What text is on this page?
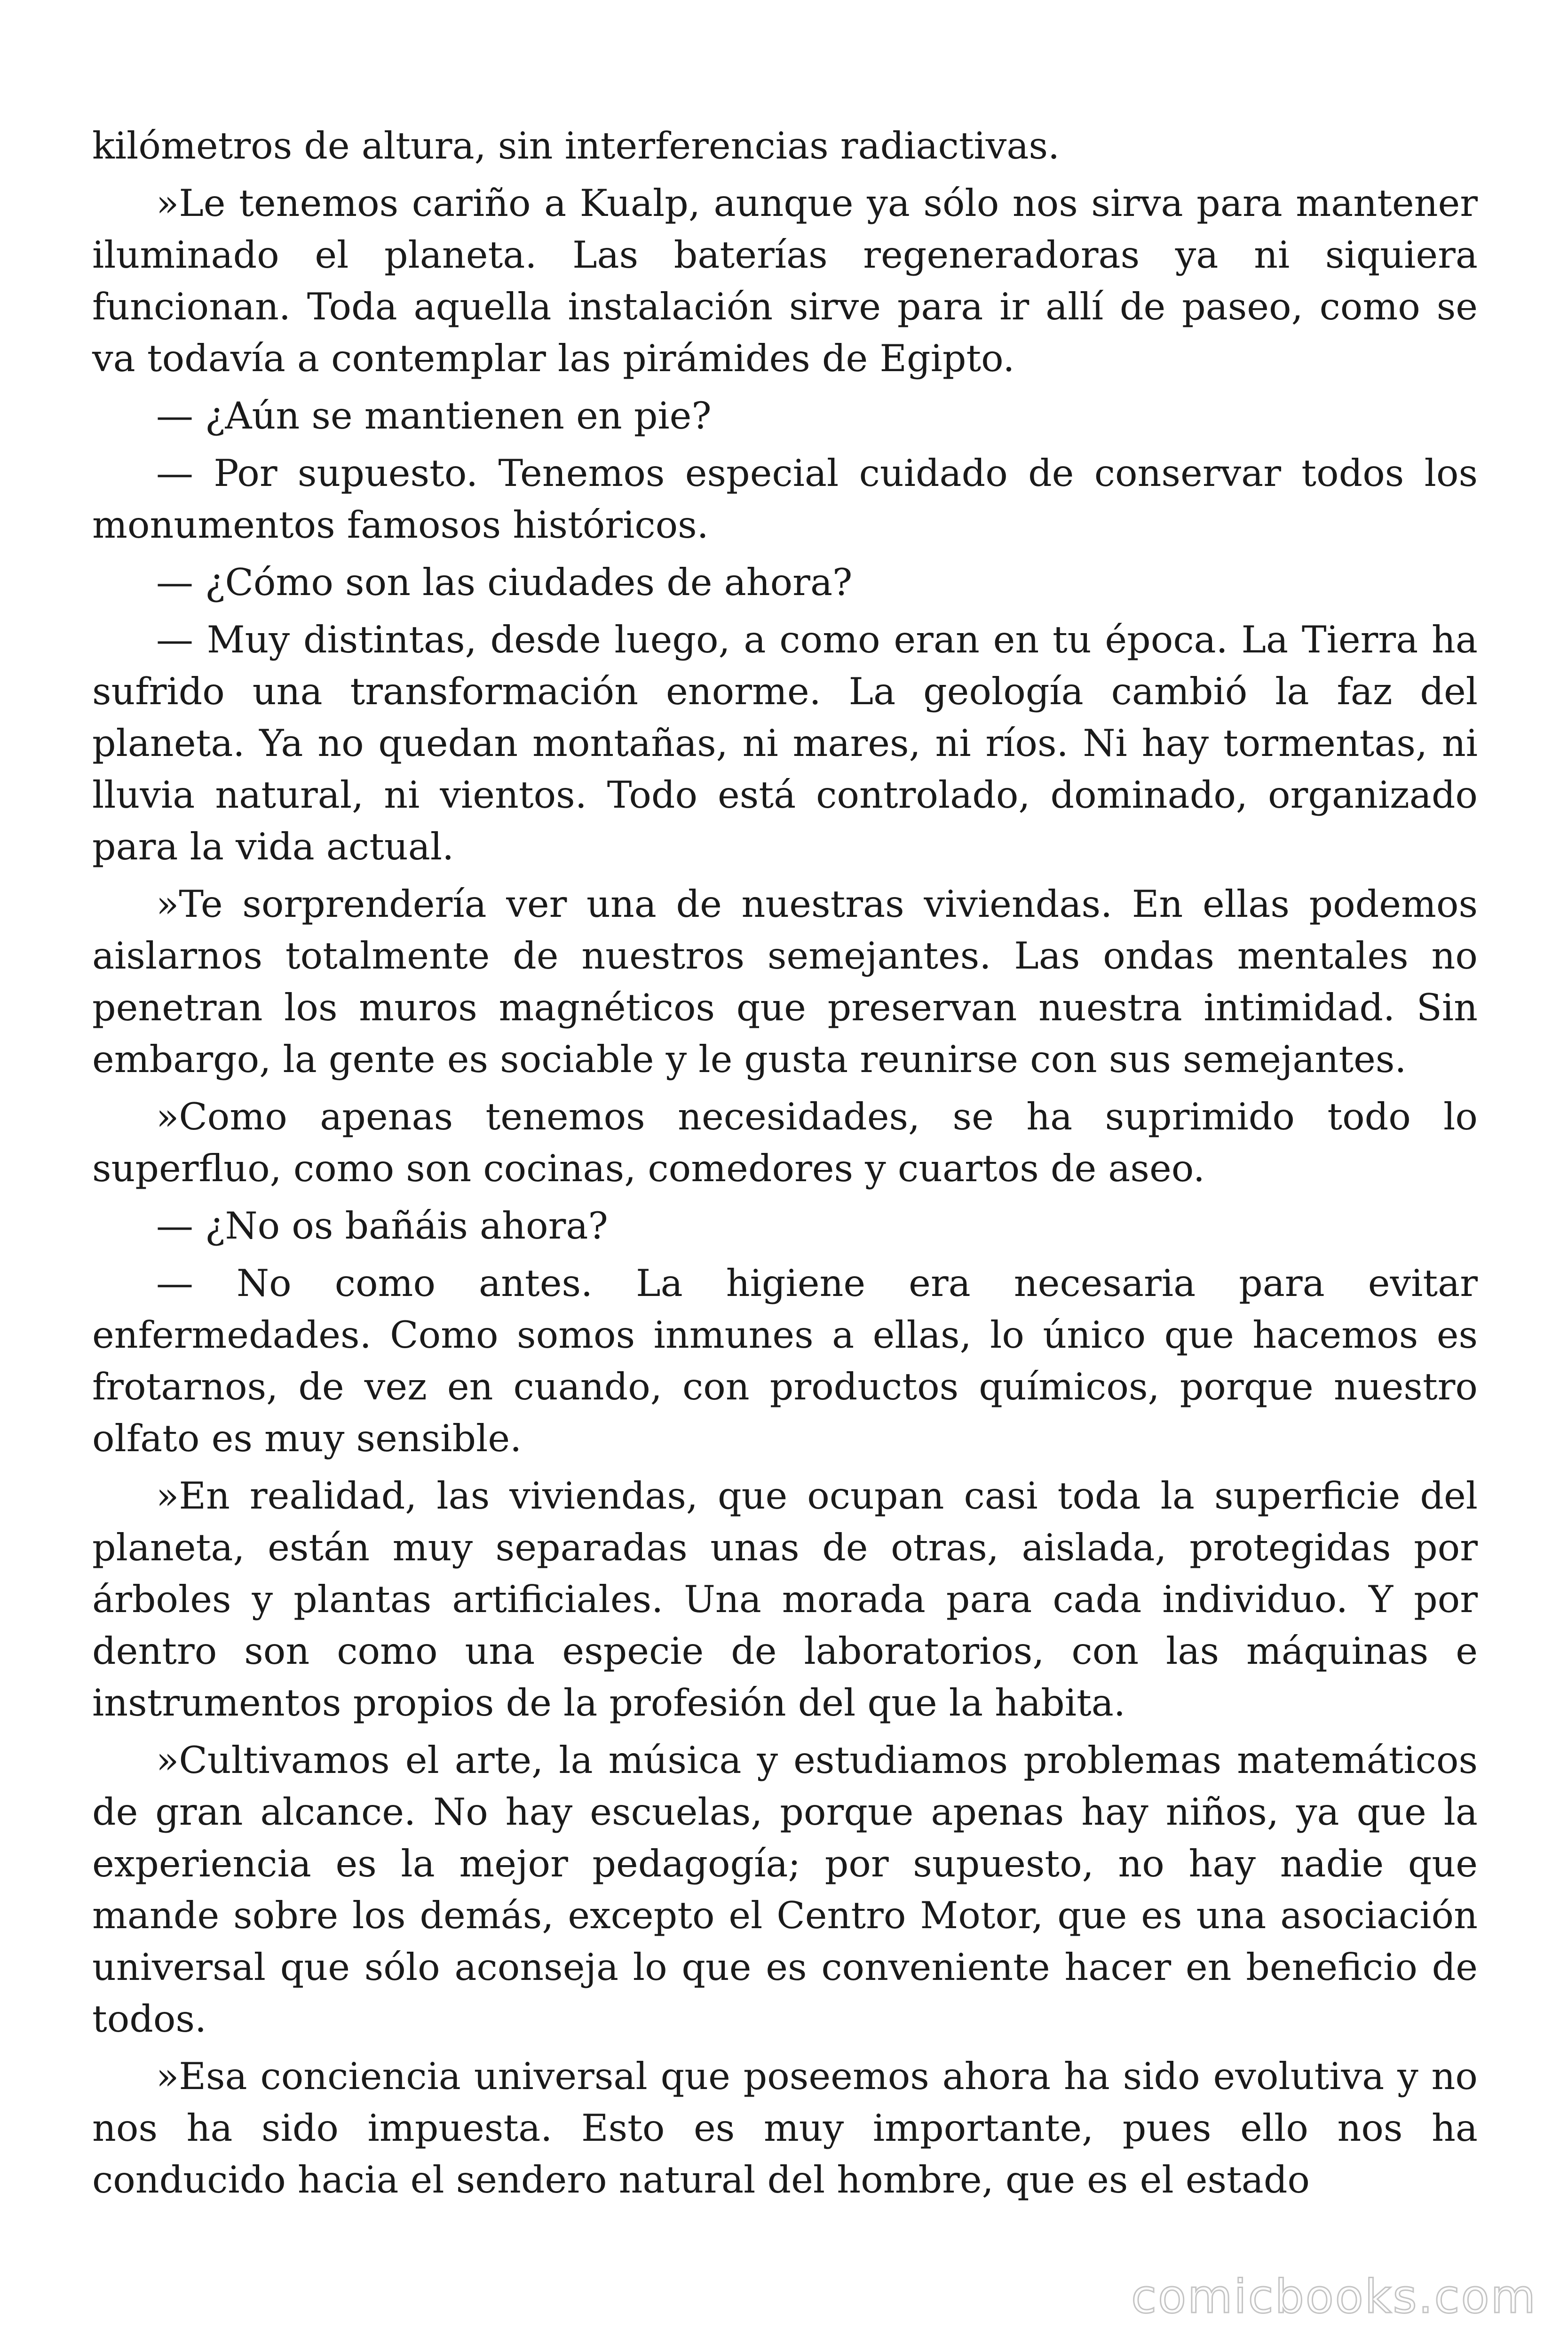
kilómetros de altura, sin interferencias radiactivas.

»Le tenemos cariño a Kualp, aunque ya sólo nos sirva para mantener iluminado el planeta. Las baterías regeneradoras ya ni siquiera funcionan. Toda aquella instalación sirve para ir allí de paseo, como se va todavía a contemplar las pirámides de Egipto.

— ¿Aún se mantienen en pie?

— Por supuesto. Tenemos especial cuidado de conservar todos los monumentos famosos históricos.

— ¿Cómo son las ciudades de ahora?

— Muy distintas, desde luego, a como eran en tu época. La Tierra ha sufrido una transformación enorme. La geología cambió la faz del planeta. Ya no quedan montañas, ni mares, ni ríos. Ni hay tormentas, ni lluvia natural, ni vientos. Todo está controlado, dominado, organizado para la vida actual.

»Te sorprendería ver una de nuestras viviendas. En ellas podemos aislarnos totalmente de nuestros semejantes. Las ondas mentales no penetran los muros magnéticos que preservan nuestra intimidad. Sin embargo, la gente es sociable y le gusta reunirse con sus semejantes.

»Como apenas tenemos necesidades, se ha suprimido todo lo superfluo, como son cocinas, comedores y cuartos de aseo.

— ¿No os bañáis ahora?

— No como antes. La higiene era necesaria para evitar enfermedades. Como somos inmunes a ellas, lo único que hacemos es frotarnos, de vez en cuando, con productos químicos, porque nuestro olfato es muy sensible.

»En realidad, las viviendas, que ocupan casi toda la superficie del planeta, están muy separadas unas de otras, aislada, protegidas por árboles y plantas artificiales. Una morada para cada individuo. Y por dentro son como una especie de laboratorios, con las máquinas e instrumentos propios de la profesión del que la habita.

»Cultivamos el arte, la música y estudiamos problemas matemáticos de gran alcance. No hay escuelas, porque apenas hay niños, ya que la experiencia es la mejor pedagogía; por supuesto, no hay nadie que mande sobre los demás, excepto el Centro Motor, que es una asociación universal que sólo aconseja lo que es conveniente hacer en beneficio de todos.

»Esa conciencia universal que poseemos ahora ha sido evolutiva y no nos ha sido impuesta. Esto es muy importante, pues ello nos ha conducido hacia el sendero natural del hombre, que es el estado

comicbooks.com
